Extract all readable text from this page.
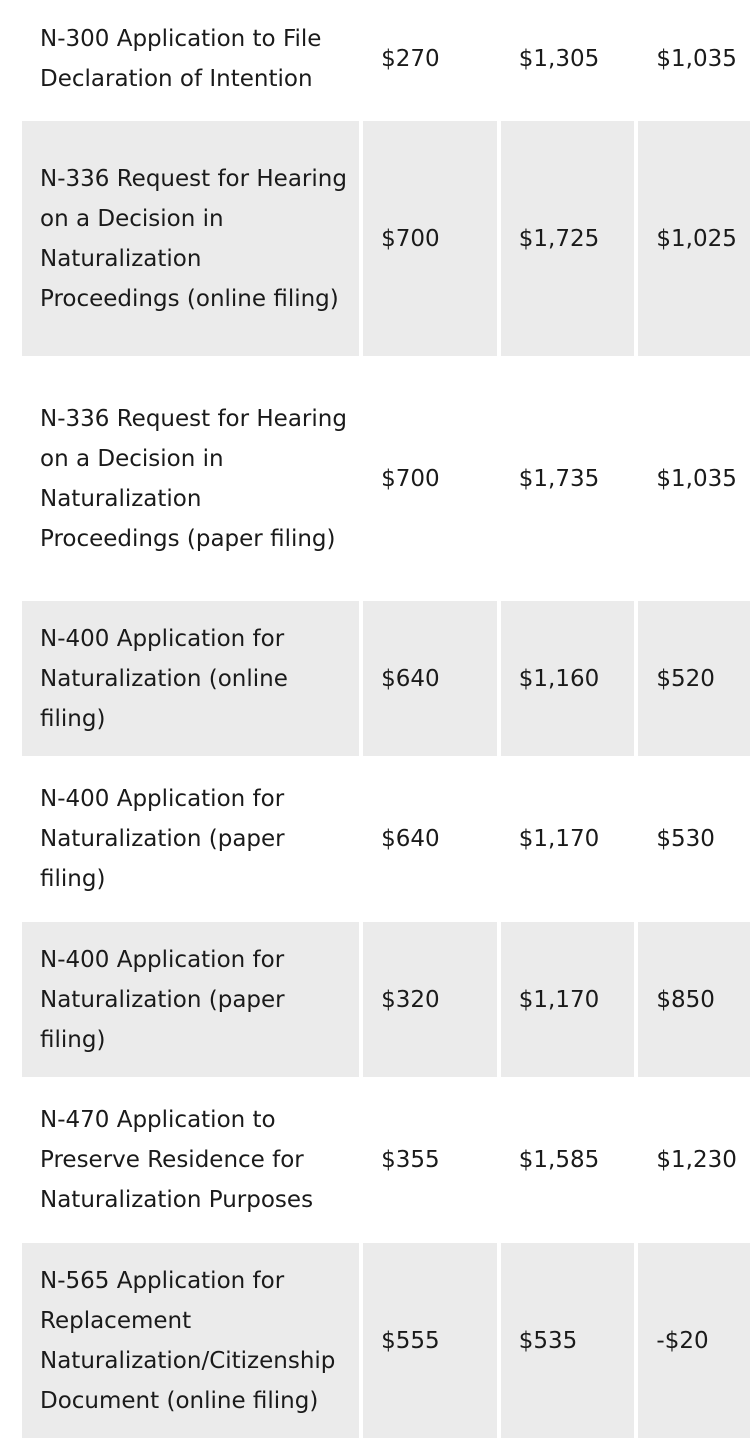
N-300 Application to File Declaration of Intention
$270	$1,305	$1,035
N-336 Request for Hearing on a Decision in Naturalization Proceedings (online filing)
$700	$1,725	$1,025
N-336 Request for Hearing on a Decision in Naturalization Proceedings (paper filing)
$700	$1,735	$1,035
N-400 Application for Naturalization (online filing)
$640	$1,160	$520
N-400 Application for Naturalization (paper filing)
$640	$1,170	$530
N-400 Application for Naturalization (paper filing)
$320	$1,170	$850
N-470 Application to Preserve Residence for Naturalization Purposes
$355	$1,585	$1,230
N-565 Application for Replacement Naturalization/Citizenship Document (online filing)
$555	$535	-$20
